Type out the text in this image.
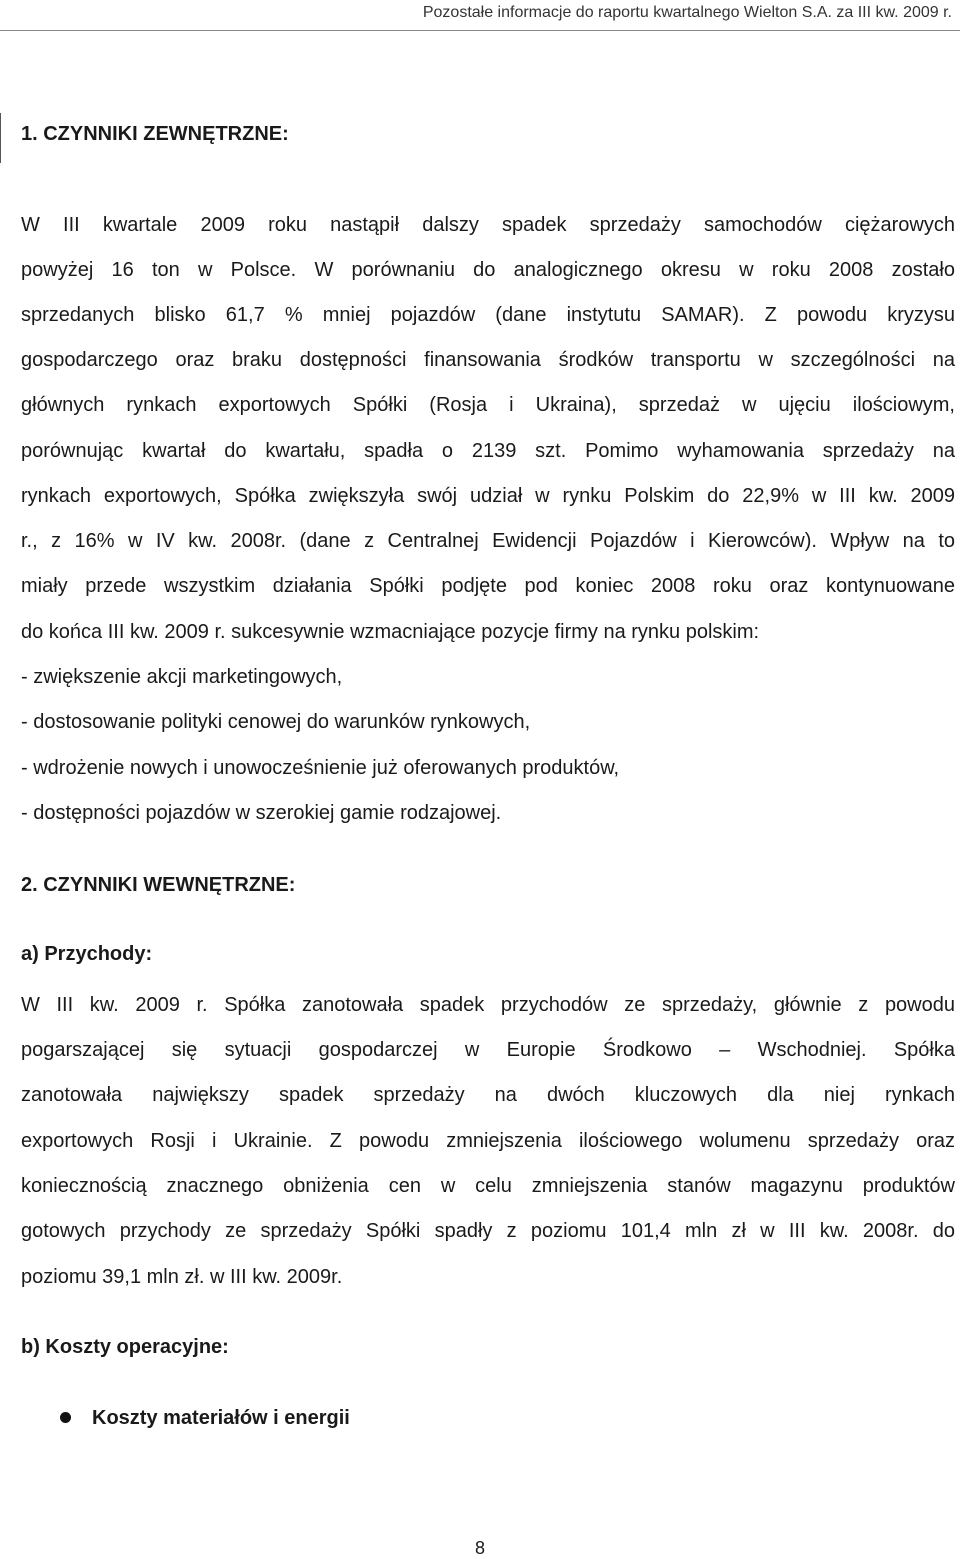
Pozostałe informacje do raportu kwartalnego Wielton S.A. za III kw. 2009 r.
1. CZYNNIKI ZEWNĘTRZNE:
W III kwartale 2009 roku nastąpił dalszy spadek sprzedaży samochodów ciężarowych
powyżej 16 ton w Polsce. W porównaniu do analogicznego okresu w roku 2008 zostało
sprzedanych blisko 61,7 % mniej pojazdów (dane instytutu SAMAR). Z powodu kryzysu
gospodarczego oraz braku dostępności finansowania środków transportu w szczególności na
głównych rynkach exportowych Spółki (Rosja i Ukraina), sprzedaż w ujęciu ilościowym,
porównując kwartał do kwartału, spadła o 2139 szt. Pomimo wyhamowania sprzedaży na
rynkach exportowych, Spółka zwiększyła swój udział w rynku Polskim do 22,9% w III kw. 2009
r., z 16% w IV kw. 2008r. (dane z Centralnej Ewidencji Pojazdów i Kierowców). Wpływ na to
miały przede wszystkim działania Spółki podjęte pod koniec 2008 roku oraz kontynuowane
do końca III kw. 2009 r. sukcesywnie wzmacniające pozycje firmy na rynku polskim:
- zwiększenie akcji marketingowych,
- dostosowanie polityki cenowej do warunków rynkowych,
- wdrożenie nowych i unowocześnienie już oferowanych produktów,
- dostępności pojazdów w szerokiej gamie rodzajowej.
2. CZYNNIKI WEWNĘTRZNE:
a) Przychody:
W III kw. 2009 r. Spółka zanotowała spadek przychodów ze sprzedaży, głównie z powodu
pogarszającej się sytuacji gospodarczej w Europie Środkowo – Wschodniej. Spółka
zanotowała największy spadek sprzedaży na dwóch kluczowych dla niej rynkach
exportowych Rosji i Ukrainie. Z powodu zmniejszenia ilościowego wolumenu sprzedaży oraz
koniecznością znacznego obniżenia cen w celu zmniejszenia stanów magazynu produktów
gotowych przychody ze sprzedaży Spółki spadły z poziomu 101,4 mln zł w III kw. 2008r. do
poziomu 39,1 mln zł. w III kw. 2009r.
b) Koszty operacyjne:
Koszty materiałów i energii
8
